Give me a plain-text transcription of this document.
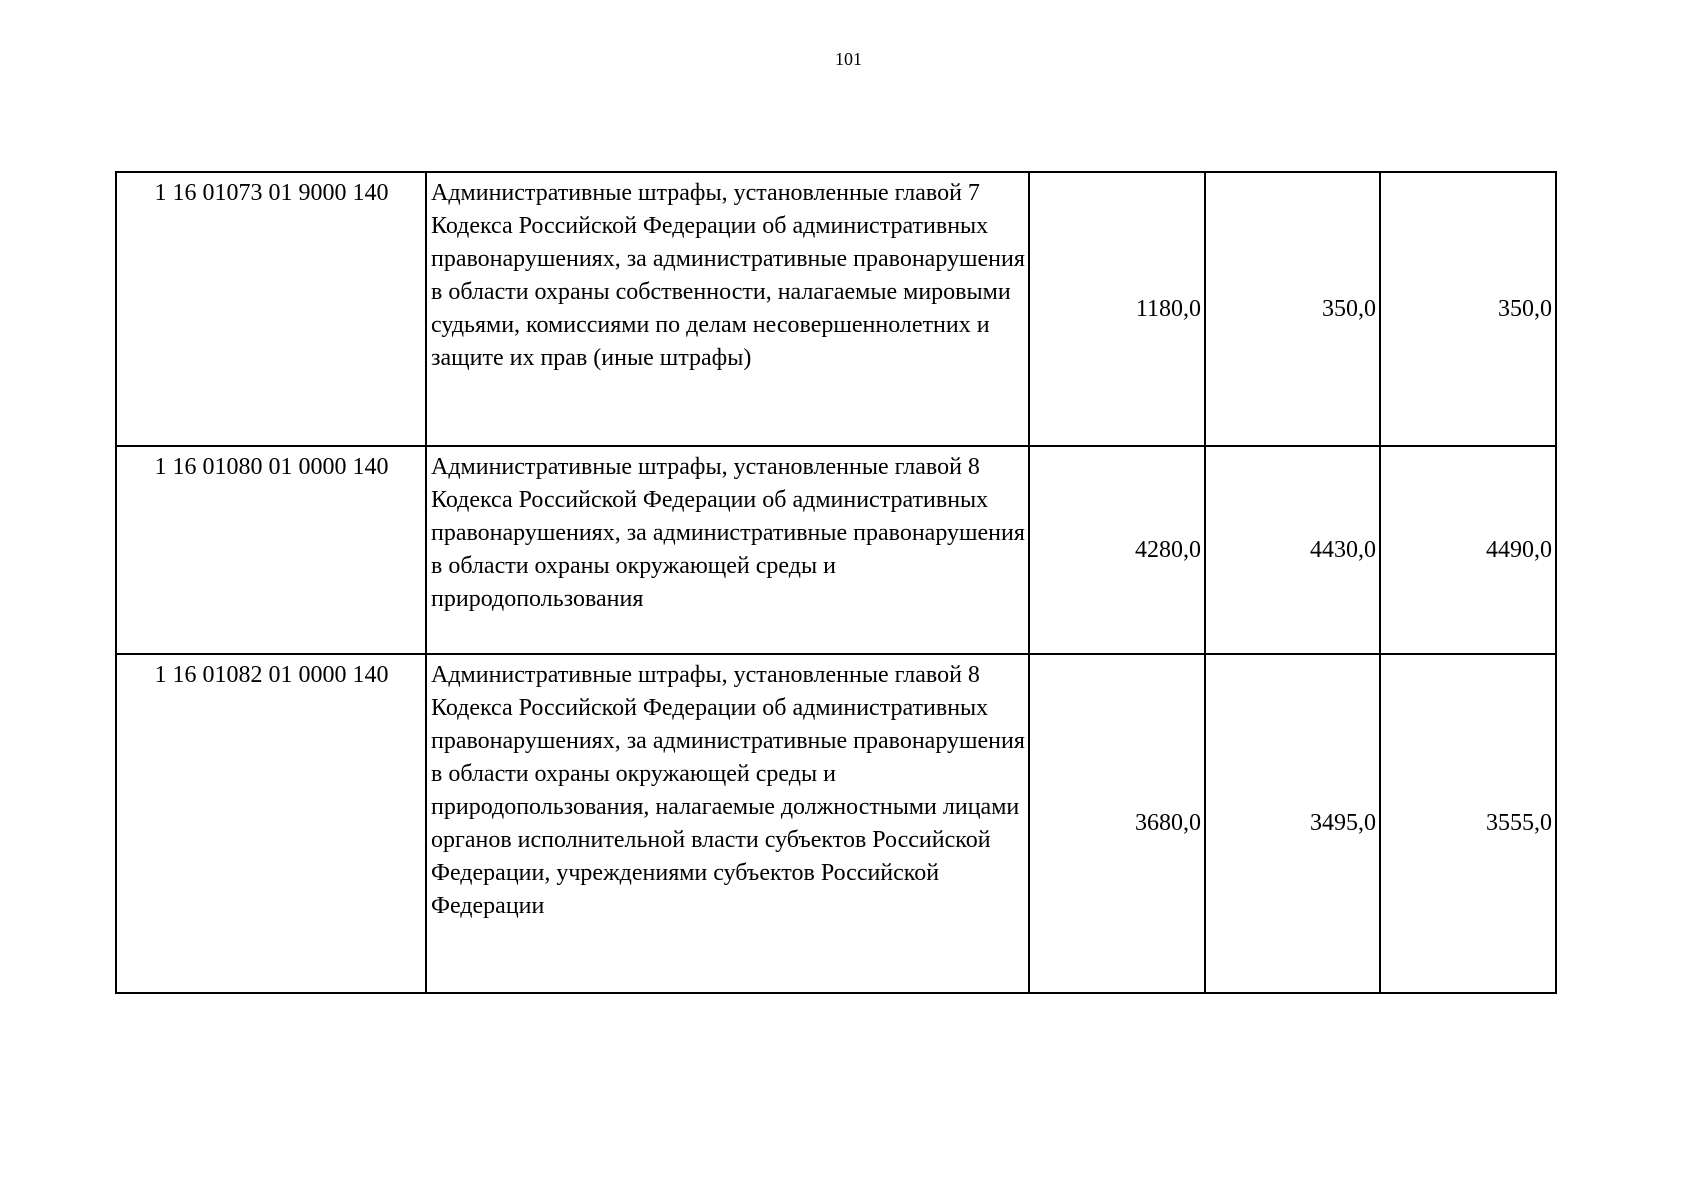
101
1 16 01073 01 9000 140	Административные штрафы, установленные главой 7 Кодекса Российской Федерации об административных правонарушениях, за административные правонарушения в области охраны собственности, налагаемые мировыми судьями, комиссиями по делам несовершеннолетних и защите их прав (иные штрафы)	1180,0	350,0	350,0
1 16 01080 01 0000 140	Административные штрафы, установленные главой 8 Кодекса Российской Федерации об административных правонарушениях, за административные правонарушения в области охраны окружающей среды и природопользования	4280,0	4430,0	4490,0
1 16 01082 01 0000 140	Административные штрафы, установленные главой 8 Кодекса Российской Федерации об административных правонарушениях, за административные правонарушения в области охраны окружающей среды и природопользования, налагаемые должностными лицами органов исполнительной власти субъектов Российской Федерации, учреждениями субъектов Российской Федерации	3680,0	3495,0	3555,0
